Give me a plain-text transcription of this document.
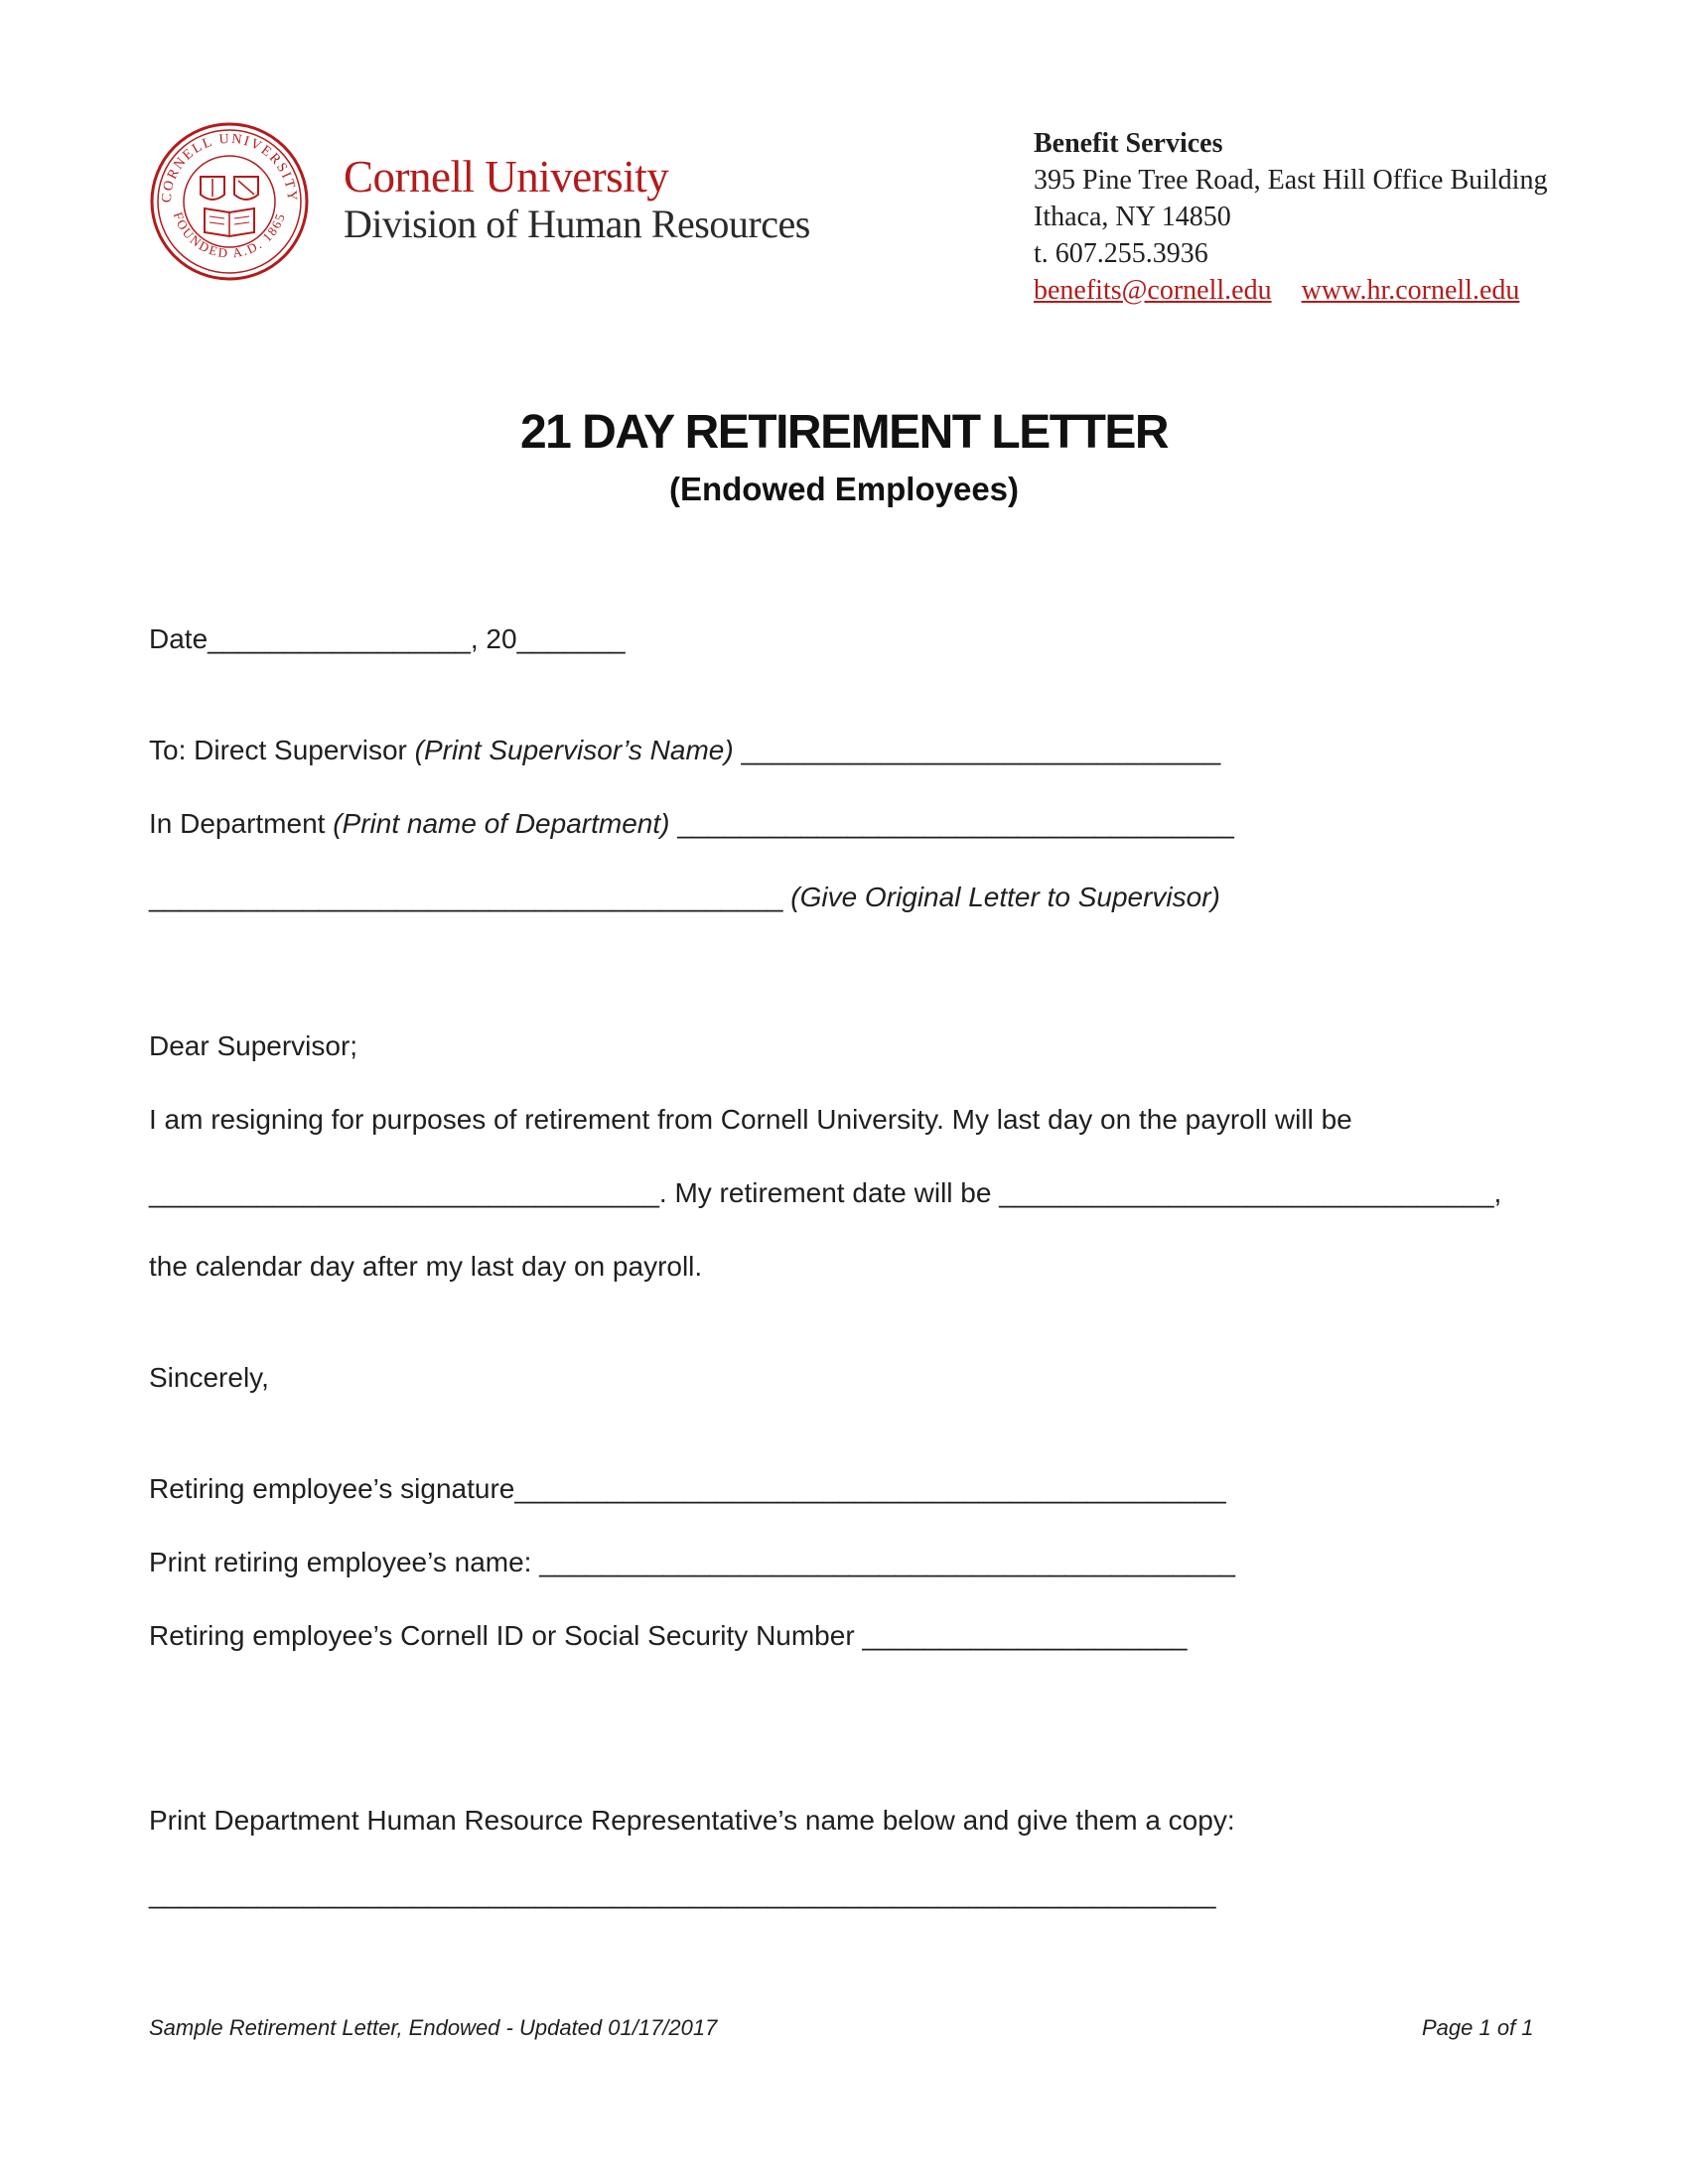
CORNELL UNIVERSITY
FOUNDED A.D. 1865
Cornell University
Division of Human Resources
Benefit Services
395 Pine Tree Road, East Hill Office Building
Ithaca, NY 14850
t. 607.255.3936
benefits@cornell.edu www.hr.cornell.edu
21 DAY RETIREMENT LETTER
(Endowed Employees)
Date_________________, 20_______
To: Direct Supervisor (Print Supervisor’s Name) _______________________________
In Department (Print name of Department) ____________________________________
_________________________________________ (Give Original Letter to Supervisor)
Dear Supervisor;
I am resigning for purposes of retirement from Cornell University. My last day on the payroll will be
_________________________________. My retirement date will be ________________________________,
the calendar day after my last day on payroll.
Sincerely,
Retiring employee’s signature______________________________________________
Print retiring employee’s name: _____________________________________________
Retiring employee’s Cornell ID or Social Security Number _____________________
Print Department Human Resource Representative’s name below and give them a copy:
_____________________________________________________________________
Sample Retirement Letter, Endowed - Updated 01/17/2017	Page 1 of 1
